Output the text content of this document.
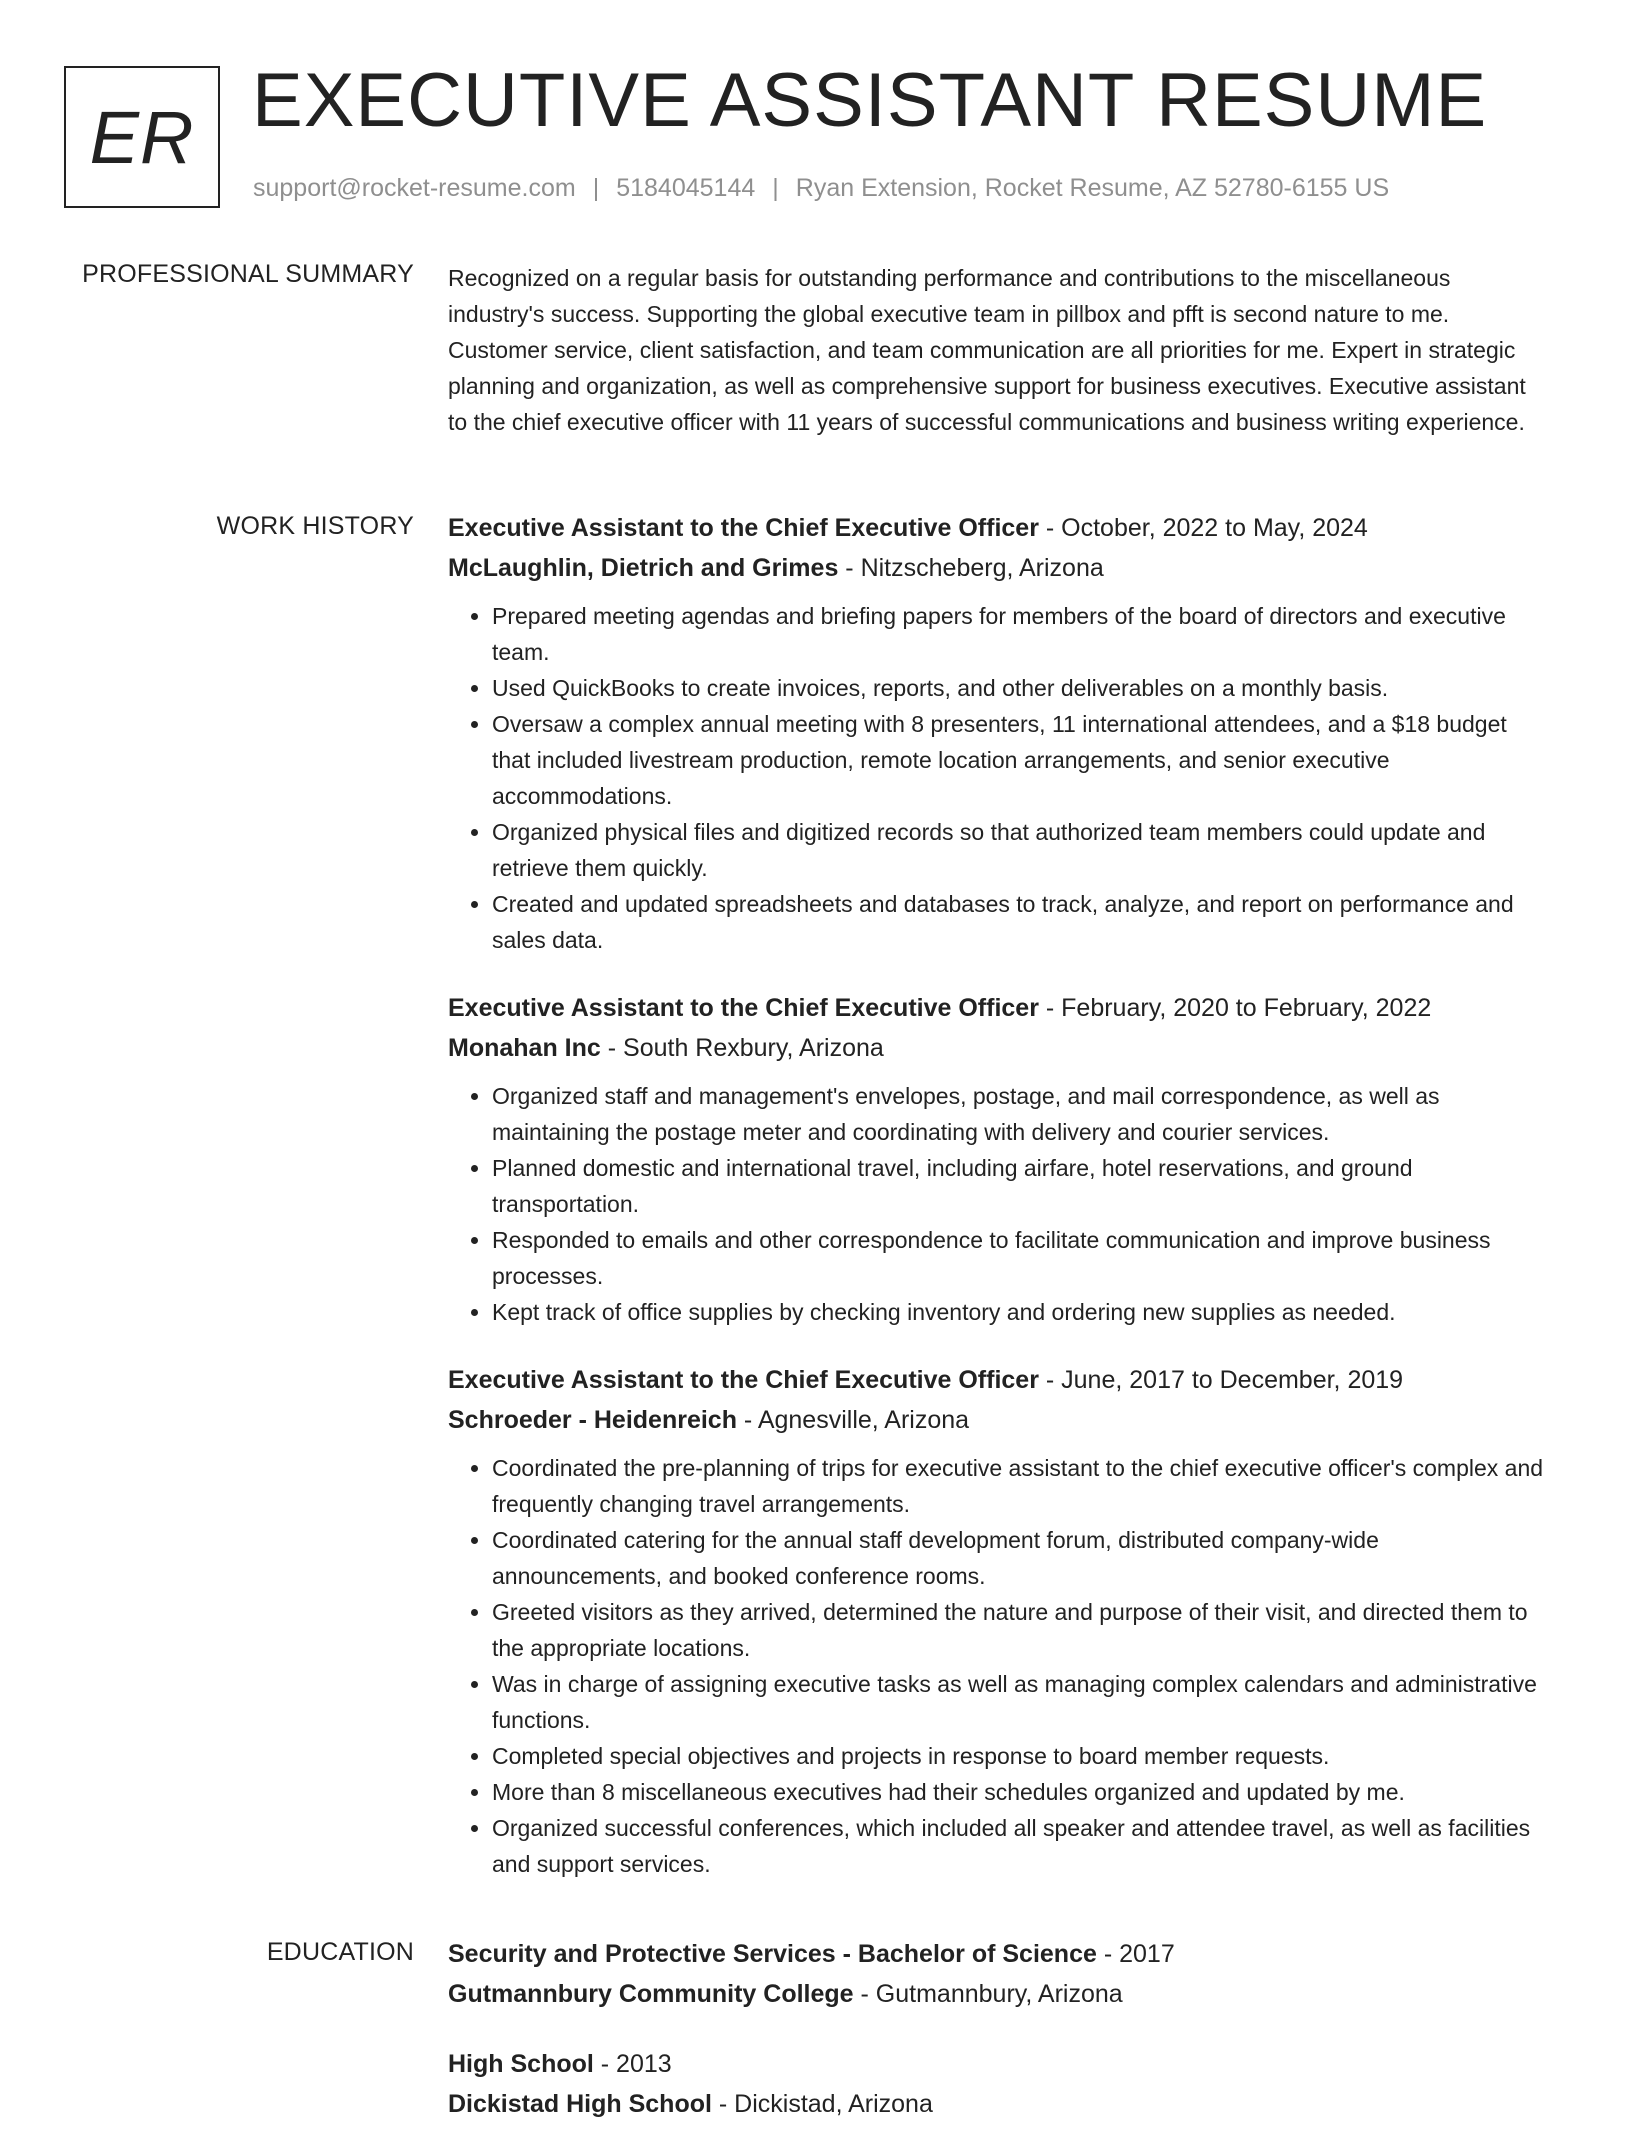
ER EXECUTIVE ASSISTANT RESUME
support@rocket-resume.com | 5184045144 | Ryan Extension, Rocket Resume, AZ 52780-6155 US
PROFESSIONAL SUMMARY Recognized on a regular basis for outstanding performance and contributions to the miscellaneous industry's success. Supporting the global executive team in pillbox and pfft is second nature to me. Customer service, client satisfaction, and team communication are all priorities for me. Expert in strategic planning and organization, as well as comprehensive support for business executives. Executive assistant to the chief executive officer with 11 years of successful communications and business writing experience.

WORK HISTORY Executive Assistant to the Chief Executive Officer - October, 2022 to May, 2024
McLaughlin, Dietrich and Grimes - Nitzscheberg, Arizona
• Prepared meeting agendas and briefing papers for members of the board of directors and executive team.
• Used QuickBooks to create invoices, reports, and other deliverables on a monthly basis.
• Oversaw a complex annual meeting with 8 presenters, 11 international attendees, and a $18 budget that included livestream production, remote location arrangements, and senior executive accommodations.
• Organized physical files and digitized records so that authorized team members could update and retrieve them quickly.
• Created and updated spreadsheets and databases to track, analyze, and report on performance and sales data.
Executive Assistant to the Chief Executive Officer - February, 2020 to February, 2022
Monahan Inc - South Rexbury, Arizona
• Organized staff and management's envelopes, postage, and mail correspondence, as well as maintaining the postage meter and coordinating with delivery and courier services.
• Planned domestic and international travel, including airfare, hotel reservations, and ground transportation.
• Responded to emails and other correspondence to facilitate communication and improve business processes.
• Kept track of office supplies by checking inventory and ordering new supplies as needed.
Executive Assistant to the Chief Executive Officer - June, 2017 to December, 2019
Schroeder - Heidenreich - Agnesville, Arizona
• Coordinated the pre-planning of trips for executive assistant to the chief executive officer's complex and frequently changing travel arrangements.
• Coordinated catering for the annual staff development forum, distributed company-wide announcements, and booked conference rooms.
• Greeted visitors as they arrived, determined the nature and purpose of their visit, and directed them to the appropriate locations.
• Was in charge of assigning executive tasks as well as managing complex calendars and administrative functions.
• Completed special objectives and projects in response to board member requests.
• More than 8 miscellaneous executives had their schedules organized and updated by me.
• Organized successful conferences, which included all speaker and attendee travel, as well as facilities and support services.
EDUCATION Security and Protective Services - Bachelor of Science - 2017
Gutmannbury Community College - Gutmannbury, Arizona
High School - 2013
Dickistad High School - Dickistad, Arizona
